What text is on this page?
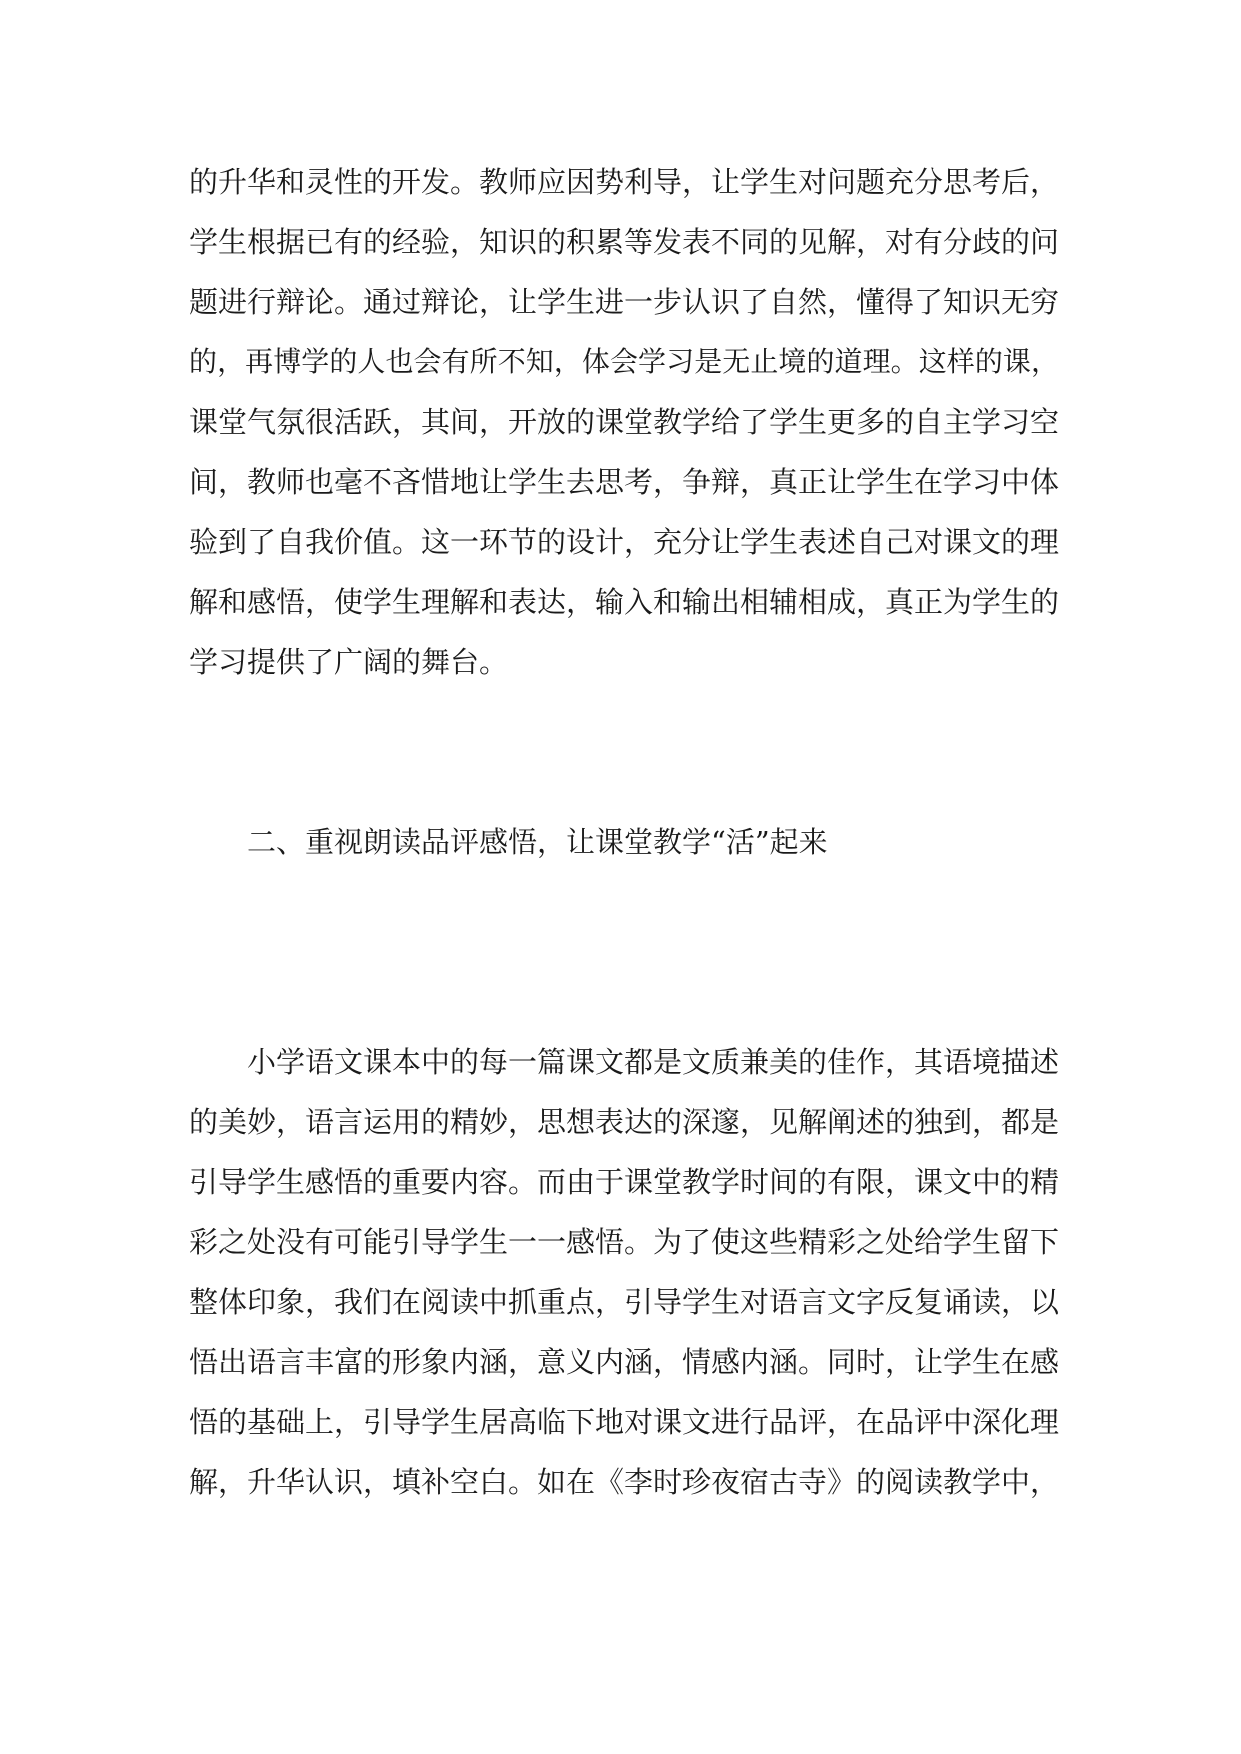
的升华和灵性的开发。教师应因势利导，让学生对问题充分思考后，
学生根据已有的经验，知识的积累等发表不同的见解，对有分歧的问
题进行辩论。通过辩论，让学生进一步认识了自然，懂得了知识无穷
的，再博学的人也会有所不知，体会学习是无止境的道理。这样的课，
课堂气氛很活跃，其间，开放的课堂教学给了学生更多的自主学习空
间，教师也毫不吝惜地让学生去思考，争辩，真正让学生在学习中体
验到了自我价值。这一环节的设计，充分让学生表述自己对课文的理
解和感悟，使学生理解和表达，输入和输出相辅相成，真正为学生的
学习提供了广阔的舞台。
二、重视朗读品评感悟，让课堂教学“活”起来
小学语文课本中的每一篇课文都是文质兼美的佳作，其语境描述
的美妙，语言运用的精妙，思想表达的深邃，见解阐述的独到，都是
引导学生感悟的重要内容。而由于课堂教学时间的有限，课文中的精
彩之处没有可能引导学生一一感悟。为了使这些精彩之处给学生留下
整体印象，我们在阅读中抓重点，引导学生对语言文字反复诵读，以
悟出语言丰富的形象内涵，意义内涵，情感内涵。同时，让学生在感
悟的基础上，引导学生居高临下地对课文进行品评，在品评中深化理
解，升华认识，填补空白。如在《李时珍夜宿古寺》的阅读教学中，
